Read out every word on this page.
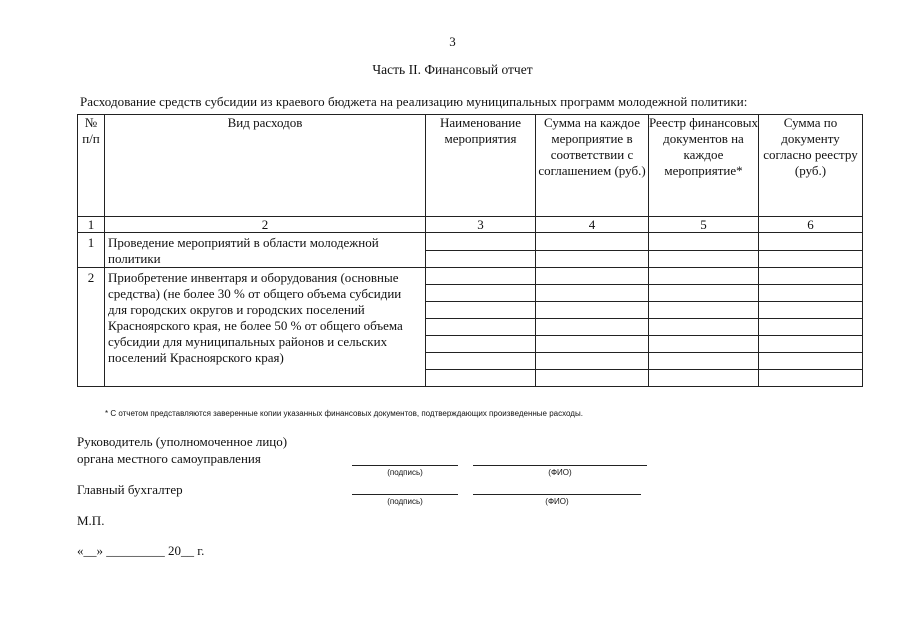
3
Часть II. Финансовый отчет
Расходование средств субсидии из краевого бюджета на реализацию муниципальных программ молодежной политики:
№ п/п	Вид расходов	Наименование мероприятия	Сумма на каждое мероприятие в соответствии с соглашением (руб.)	Реестр финансовых документов на каждое мероприятие*	Сумма по документу согласно реестру (руб.)
1	2	3	4	5	6
1	Проведение мероприятий в области молодежной политики				

2	Приобретение инвентаря и оборудования (основные средства) (не более 30 % от общего объема субсидии для городских округов и городских поселений Красноярского края, не более 50 % от общего объема субсидии для муниципальных районов и сельских поселений Красноярского края)				

* С отчетом представляются заверенные копии указанных финансовых документов, подтверждающих произведенные расходы.
Руководитель (уполномоченное лицо)
органа местного самоуправления
(подпись)	(ФИО)
Главный бухгалтер
(подпись)	(ФИО)
М.П.
«__» _________ 20__ г.
